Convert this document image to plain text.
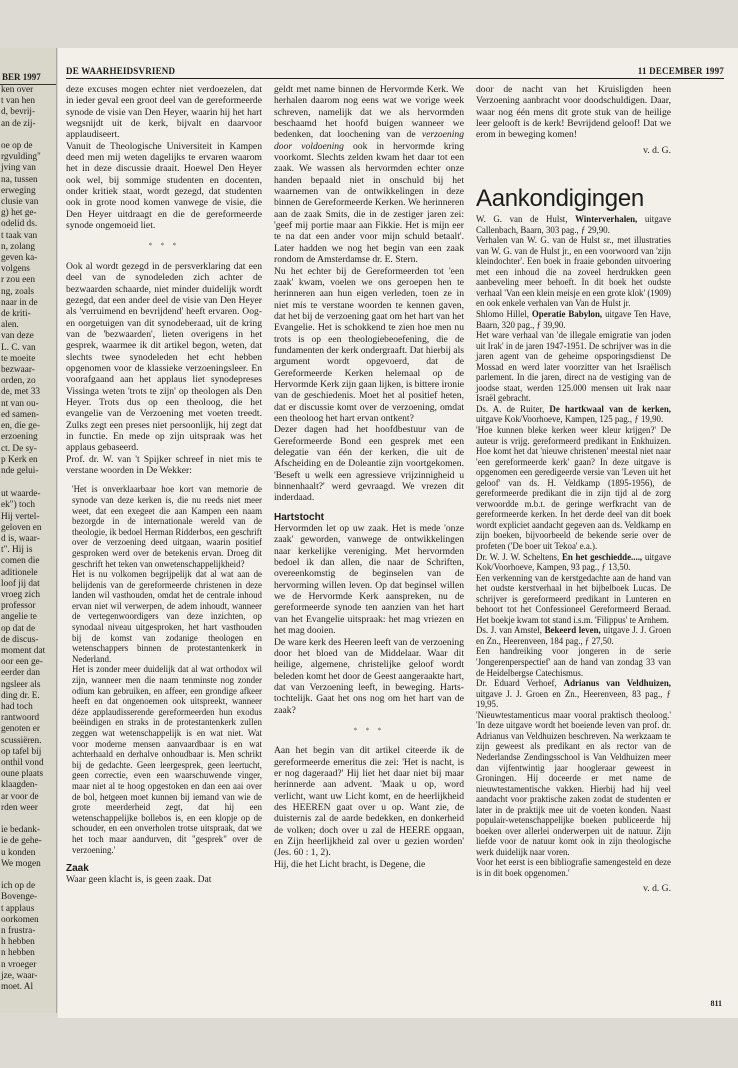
BER 1997
ken over
t van hen
d, bevrij-
an de zij-

oe op de
rgvulding"
jving van
na, tussen
erweging
clusie van
g) het ge-
odelid ds.
t taak van
n, zolang
geven ka-
volgens
r zou een
ng, zoals
naar in de
de kriti-
alen.
van deze
L. C. van
te moeite
bezwaar-
orden, zo
de, met 33
nt van ou-
ed samen-
en, die ge-
erzoening
ct. De sy-
p Kerk en
nde gelui-
ut waarde-
ek") toch
Hij vertel-
geloven en
d is, waar-
t". Hij is
comen die
aditionele
loof jij dat
vroeg zich
professor
angelie te
op dat de
de discus-
moment dat
oor een ge-
eerder dan
ngsleer als
ding dr. E.
had toch
rantwoord
genoten er
scussiëren.
op tafel bij
onthil vond
oune plaats
klaagden-
ar voor de
rden weer

ie bedank-
ie de gehe-
u konden
We mogen

ich op de
Bovenge-
t applaus
oorkomen
n frustra-
h hebben
n hebben
n vroeger
jze, waar-
moet. Al
DE WAARHEIDSVRIEND	11 DECEMBER 1997

deze excuses mogen echter niet verdoezelen, dat in ieder geval een groot deel van de gereformeerde synode de visie van Den Heyer, waarin hij het hart wegsnijdt uit de kerk, bijvalt en daarvoor applaudiseert.

Vanuit de Theologische Universiteit in Kampen deed men mij weten dagelijks te ervaren waarom het in deze discussie draait. Hoewel Den Heyer ook wel, bij sommige studenten en docenten, onder kritiek staat, wordt gezegd, dat studenten ook in grote nood komen vanwege de visie, die Den Heyer uitdraagt en die de gereformeerde synode ongemoeid liet.

* * *

Ook al wordt gezegd in de persverklaring dat een deel van de synodeleden zich achter de bezwaarden schaarde, niet minder duidelijk wordt gezegd, dat een ander deel de visie van Den Heyer als 'verruimend en bevrijdend' heeft ervaren. Oog- en oorgetuigen van dit synodeberaad, uit de kring van de 'bezwaarden', lieten overigens in het gesprek, waarmee ik dit artikel begon, weten, dat slechts twee synodeleden het echt hebben opgenomen voor de klassieke verzoeningsleer. En voorafgaand aan het applaus liet synodepreses Vissinga weten 'trots te zijn' op theologen als Den Heyer. Trots dus op een theoloog, die het evangelie van de Verzoening met voeten treedt. Zulks zegt een preses niet persoonlijk, hij zegt dat in functie. En mede op zijn uitspraak was het applaus gebaseerd.

Prof. dr. W. van 't Spijker schreef in niet mis te verstane woorden in De Wekker:

'Het is onverklaarbaar hoe kort van memorie de synode van deze kerken is, die nu reeds niet meer weet, dat een exegeet die aan Kampen een naam bezorgde in de internationale wereld van de theologie, ik bedoel Herman Ridderbos, een geschrift over de verzoening deed uitgaan, waarin positief gesproken werd over de betekenis ervan. Droeg dit geschrift het teken van onwetenschappelijkheid?

Het is nu volkomen begrijpelijk dat al wat aan de belijdenis van de gereformeerde christenen in deze landen wil vasthouden, omdat het de centrale inhoud ervan niet wil verwerpen, de adem inhoudt, wanneer de vertegenwoordigers van deze inzichten, op synodaal niveau uitgesproken, het hart vasthouden bij de komst van zodanige theologen en wetenschappers binnen de protestantenkerk in Nederland.

Het is zonder meer duidelijk dat al wat orthodox wil zijn, wanneer men die naam tenminste nog zonder odium kan gebruiken, en affeer, een grondige afkeer heeft en dat ongenoemen ook uitspreekt, wanneer déze applaudisserende gereformeerden hun exodus beëindigen en straks in de protestantenkerk zullen zeggen wat wetenschappelijk is en wat niet. Wat voor moderne mensen aanvaardbaar is en wat achterhaald en derhalve onhoudbaar is. Men schrikt bij de gedachte. Geen leergesprek, geen leertucht, geen correctie, even een waarschuwende vinger, maar niet al te hoog opgestoken en dan een aai over de bol, hetgeen moet kunnen bij iemand van wie de grote meerderheid zegt, dat hij een wetenschappelijke bollebos is, en een klopje op de schouder, en een onverholen trotse uitspraak, dat we het toch maar aandurven, dit "gesprek" over de verzoening.'

Zaak

Waar geen klacht is, is geen zaak. Dat

geldt met name binnen de Hervormde Kerk. We herhalen daarom nog eens wat we vorige week schreven, namelijk dat we als hervormden beschaamd het hoofd buigen wanneer we bedenken, dat loochening van de verzoening door voldoening ook in hervormde kring voorkomt. Slechts zelden kwam het daar tot een zaak. We wassen als hervormden echter onze handen bepaald niet in onschuld bij het waarnemen van de ontwikkelingen in deze binnen de Gereformeerde Kerken. We herinneren aan de zaak Smits, die in de zestiger jaren zei: 'geef mij portie maar aan Fikkie. Het is mijn eer te na dat een ander voor mijn schuld betaalt'. Later hadden we nog het begin van een zaak rondom de Amsterdamse dr. E. Stern.

Nu het echter bij de Gereformeerden tot 'een zaak' kwam, voelen we ons geroepen hen te herinneren aan hun eigen verleden, toen ze in niet mis te verstane woorden te kennen gaven, dat het bij de verzoening gaat om het hart van het Evangelie. Het is schokkend te zien hoe men nu trots is op een theologiebeoefening, die de fundamenten der kerk ondergraaft. Dat hierbij als argument wordt opgevoerd, dat de Gereformeerde Kerken helemaal op de Hervormde Kerk zijn gaan lijken, is bittere ironie van de geschiedenis. Moet het al positief heten, dat er discussie komt over de verzoening, omdat een theoloog het hart ervan ontkent?

Dezer dagen had het hoofdbestuur van de Gereformeerde Bond een gesprek met een delegatie van één der kerken, die uit de Afscheiding en de Doleantie zijn voortgekomen. 'Beseft u welk een agressieve vrijzinnigheid u binnenhaalt?' werd gevraagd. We vrezen dit inderdaad.

Hartstocht

Hervormden let op uw zaak. Het is mede 'onze zaak' geworden, vanwege de ontwikkelingen naar kerkelijke vereniging. Met hervormden bedoel ik dan allen, die naar de Schriften, overeenkomstig de beginselen van de hervorming willen leven. Op dat beginsel willen we de Hervormde Kerk aanspreken, nu de gereformeerde synode ten aanzien van het hart van het Evangelie uitspraak: het mag vriezen en het mag dooien.

De ware kerk des Heeren leeft van de verzoening door het bloed van de Middelaar. Waar dit heilige, algemene, christelijke geloof wordt beleden komt het door de Geest aangeraakte hart, dat van Verzoening leeft, in beweging. Harts-tochtelijk. Gaat het ons nog om het hart van de zaak?

* * *

Aan het begin van dit artikel citeerde ik de gereformeerde emeritus die zei: 'Het is nacht, is er nog dageraad?' Hij liet het daar niet bij maar herinnerde aan advent. 'Maak u op, word verlicht, want uw Licht komt, en de heerlijkheid des HEEREN gaat over u op. Want zie, de duisternis zal de aarde bedekken, en donkerheid de volken; doch over u zal de HEERE opgaan, en Zijn heerlijkheid zal over u gezien worden' (Jes. 60 : 1, 2).

Hij, die het Licht bracht, is Degene, die

door de nacht van het Kruisligden heen Verzoening aanbracht voor doodschuldigen. Daar, waar nog één mens dit grote stuk van de heilige leer gelooft is de kerk! Bevrijdend geloof! Dat we erom in beweging komen!

v. d. G.
Aankondigingen
W. G. van de Hulst, Winterverhalen, uitgave Callenbach, Baarn, 303 pag., ƒ 29,90.
Verhalen van W. G. van de Hulst sr., met illustraties van W. G. van de Hulst jr., en een voorwoord van 'zijn kleindochter'. Een boek in fraaie gebonden uitvoering met een inhoud die na zoveel herdrukken geen aanbeveling meer behoeft. In dit boek het oudste verhaal 'Van een klein meisje en een grote klok' (1909) en ook enkele verhalen van Van de Hulst jr.
Shlomo Hillel, Operatie Babylon, uitgave Ten Have, Baarn, 320 pag., ƒ 39,90.
Het ware verhaal van 'de illegale emigratie van joden uit Irak' in de jaren 1947-1951. De schrijver was in die jaren agent van de geheime opsporingsdienst De Mossad en werd later voorzitter van het Israëlisch parlement. In die jaren, direct na de vestiging van de joodse staat, werden 125.000 mensen uit Irak naar Israël gebracht.
Ds. A. de Ruiter, De hartkwaal van de kerken, uitgave Kok/Voorhoeve, Kampen, 125 pag., ƒ 19,90.
'Hoe kunnen bleke kerken weer kleur krijgen?' De auteur is vrijg. gereformeerd predikant in Enkhuizen. Hoe komt het dat 'nieuwe christenen' meestal niet naar 'een gereformeerde kerk' gaan? In deze uitgave is opgenomen een geredigeerde versie van 'Leven uit het geloof' van ds. H. Veldkamp (1895-1956), de gereformeerde predikant die in zijn tijd al de zorg verwoordde m.b.t. de geringe werfkracht van de gereformeerde kerken. In het derde deel van dit boek wordt expliciet aandacht gegeven aan ds. Veldkamp en zijn boeken, bijvoorbeeld de bekende serie over de profeten ('De boer uit Tekoa' e.a.).
Dr. W. J. W. Scheltens, En het geschiedde...., uitgave Kok/Voorhoeve, Kampen, 93 pag., ƒ 13,50.
Een verkenning van de kerstgedachte aan de hand van het oudste kerstverhaal in het bijbelboek Lucas. De schrijver is gereformeerd predikant in Lunteren en behoort tot het Confessioneel Gereformeerd Beraad. Het boekje kwam tot stand i.s.m. 'Filippus' te Arnhem.
Ds. J. van Amstel, Bekeerd leven, uitgave J. J. Groen en Zn., Heerenveen, 184 pag., ƒ 27,50.
Een handreiking voor jongeren in de serie 'Jongerenperspectief' aan de hand van zondag 33 van de Heidelbergse Catechismus.
Dr. Eduard Verhoef, Adrianus van Veldhuizen, uitgave J. J. Groen en Zn., Heerenveen, 83 pag., ƒ 19,95.
'Nieuwtestamenticus maar vooral praktisch theoloog.' 'In deze uitgave wordt het boeiende leven van prof. dr. Adrianus van Veldhuizen beschreven. Na werkzaam te zijn geweest als predikant en als rector van de Nederlandse Zendingsschool is Van Veldhuizen meer dan vijfentwintig jaar hoogleraar geweest in Groningen. Hij doceerde er met name de nieuwtestamentische vakken. Hierbij had hij veel aandacht voor praktische zaken zodat de studenten er later in de praktijk mee uit de voeten konden. Naast populair-wetenschappelijke boeken publiceerde hij boeken over allerlei onderwerpen uit de natuur. Zijn liefde voor de natuur komt ook in zijn theologische werk duidelijk naar voren.
Voor het eerst is een bibliografie samengesteld en deze is in dit boek opgenomen.'
v. d. G.
811
